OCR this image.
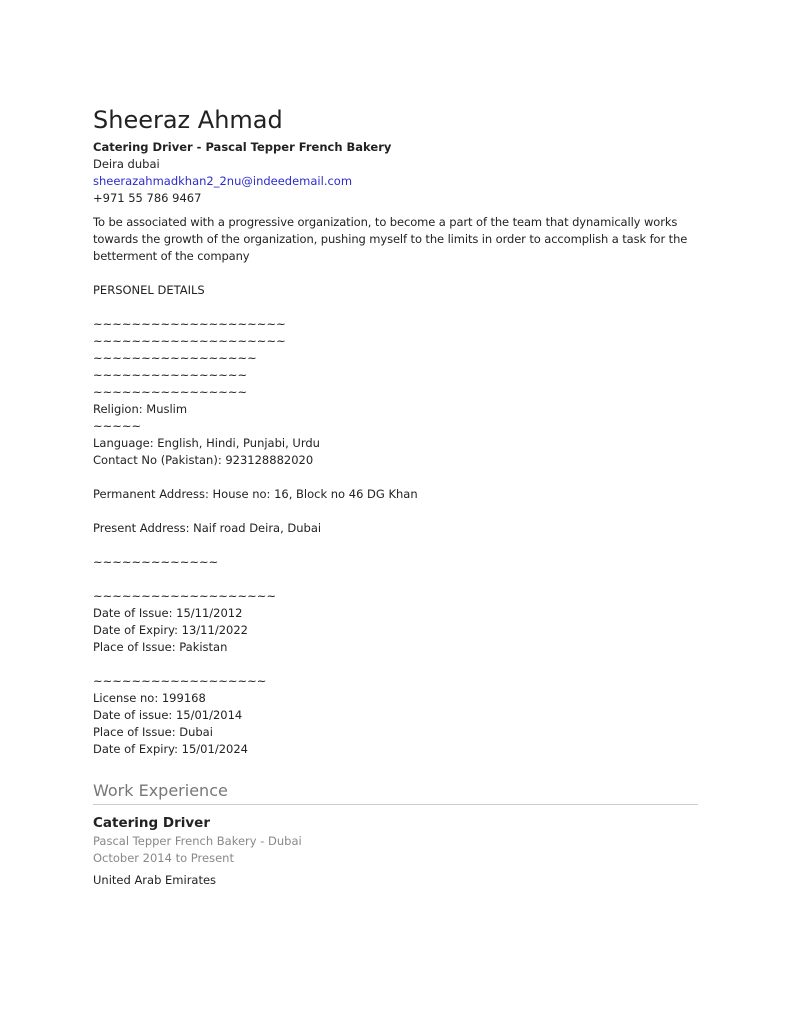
Sheeraz Ahmad
Catering Driver - Pascal Tepper French Bakery
Deira dubai
sheerazahmadkhan2_2nu@indeedemail.com
+971 55 786 9467
To be associated with a progressive organization, to become a part of the team that dynamically works towards the growth of the organization, pushing myself to the limits in order to accomplish a task for the betterment of the company
PERSONEL DETAILS
~~~~~~~~~~~~~~~~~~~~
~~~~~~~~~~~~~~~~~~~~
~~~~~~~~~~~~~~~~~
~~~~~~~~~~~~~~~~
~~~~~~~~~~~~~~~~
Religion: Muslim
~~~~~
Language: English, Hindi, Punjabi, Urdu
Contact No (Pakistan): 923128882020
Permanent Address: House no: 16, Block no 46 DG Khan
Present Address: Naif road Deira, Dubai
~~~~~~~~~~~~~
~~~~~~~~~~~~~~~~~~~
Date of Issue: 15/11/2012
Date of Expiry: 13/11/2022
Place of Issue: Pakistan
~~~~~~~~~~~~~~~~~~
License no: 199168
Date of issue: 15/01/2014
Place of Issue: Dubai
Date of Expiry: 15/01/2024
Work Experience
Catering Driver
Pascal Tepper French Bakery - Dubai
October 2014 to Present
United Arab Emirates
